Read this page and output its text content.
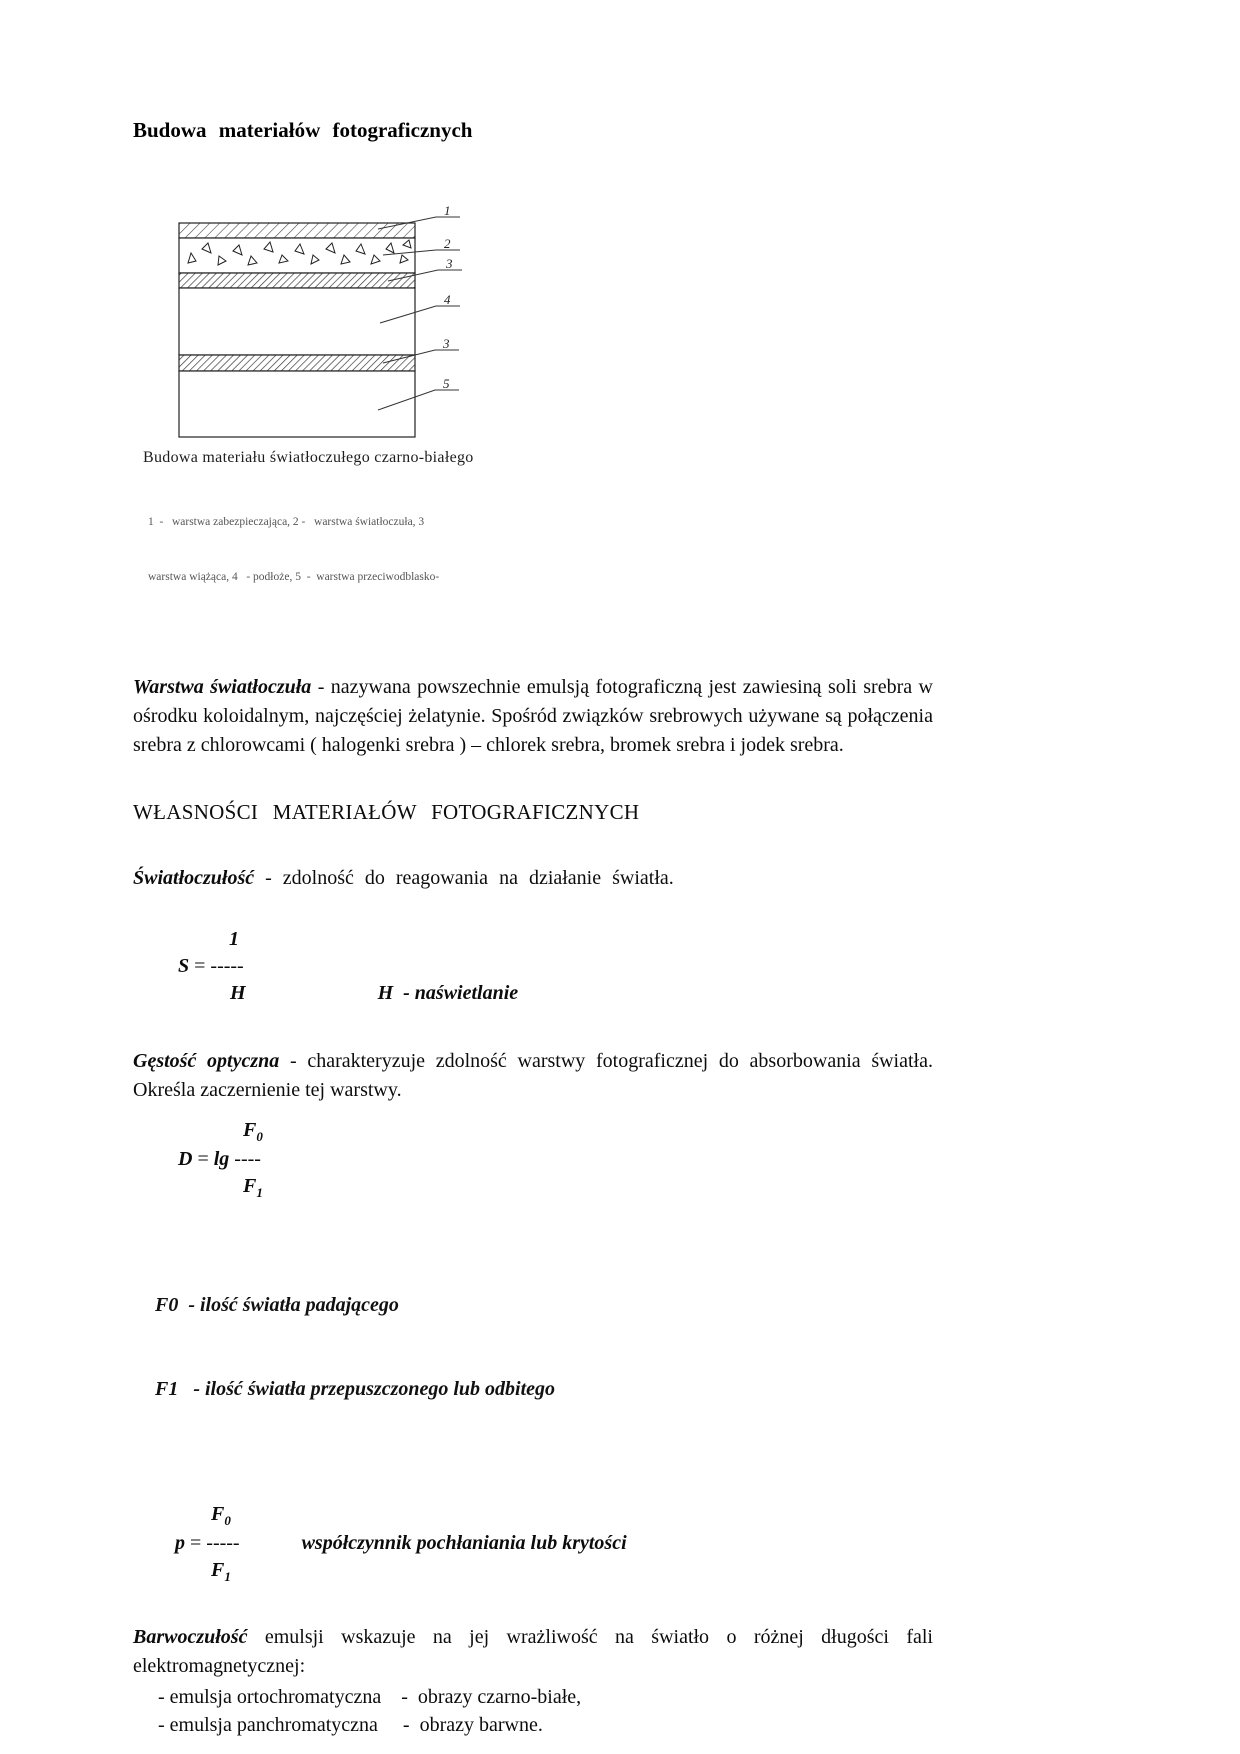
Budowa materiałów fotograficznych
1
2
3
4
3
5
Budowa materiału światłoczułego czarno-białego

1  -   warstwa zabezpieczająca, 2 -   warstwa światłoczuła, 3

warstwa wiążąca, 4   - podłoże, 5  -  warstwa przeciwodblasko-

Warstwa światłoczuła - nazywana powszechnie emulsją fotograficzną jest zawiesiną soli srebra w ośrodku koloidalnym, najczęściej żelatynie. Spośród związków srebrowych używane są połączenia srebra z chlorowcami ( halogenki srebra ) – chlorek srebra, bromek srebra i jodek srebra.

WŁASNOŚCI MATERIAŁÓW FOTOGRAFICZNYCH
Światłoczułość - zdolność do reagowania na działanie światła.
1
S = -----
H	H - naświetlanie

Gęstość optyczna - charakteryzuje zdolność warstwy fotograficznej do absorbowania światła. Określa zaczernienie tej warstwy.

$F_0$
D = lg ----
$F_1$

F0  - ilość światła padającego

F1   - ilość światła przepuszczonego lub odbitego

$F_0$
p = -----	współczynnik pochłaniania lub krytości
$F_1$

Barwoczułość emulsji wskazuje na jej wrażliwość na światło o różnej długości fali elektromagnetycznej:

- emulsja ortochromatyczna    -  obrazy czarno-białe,
- emulsja panchromatyczna     -  obrazy barwne.
